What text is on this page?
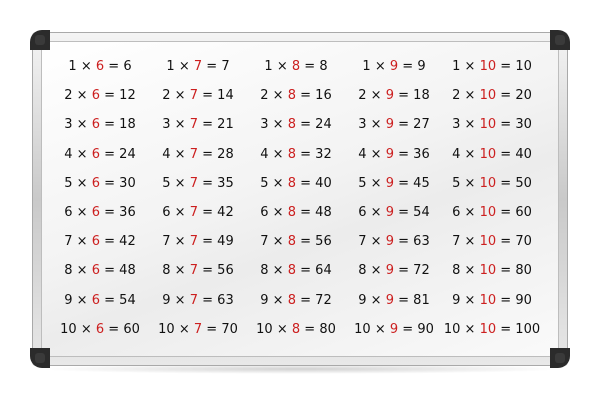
1 × 6 = 6
2 × 6 = 12
3 × 6 = 18
4 × 6 = 24
5 × 6 = 30
6 × 6 = 36
7 × 6 = 42
8 × 6 = 48
9 × 6 = 54
10 × 6 = 60
1 × 7 = 7
2 × 7 = 14
3 × 7 = 21
4 × 7 = 28
5 × 7 = 35
6 × 7 = 42
7 × 7 = 49
8 × 7 = 56
9 × 7 = 63
10 × 7 = 70
1 × 8 = 8
2 × 8 = 16
3 × 8 = 24
4 × 8 = 32
5 × 8 = 40
6 × 8 = 48
7 × 8 = 56
8 × 8 = 64
9 × 8 = 72
10 × 8 = 80
1 × 9 = 9
2 × 9 = 18
3 × 9 = 27
4 × 9 = 36
5 × 9 = 45
6 × 9 = 54
7 × 9 = 63
8 × 9 = 72
9 × 9 = 81
10 × 9 = 90
1 × 10 = 10
2 × 10 = 20
3 × 10 = 30
4 × 10 = 40
5 × 10 = 50
6 × 10 = 60
7 × 10 = 70
8 × 10 = 80
9 × 10 = 90
10 × 10 = 100
